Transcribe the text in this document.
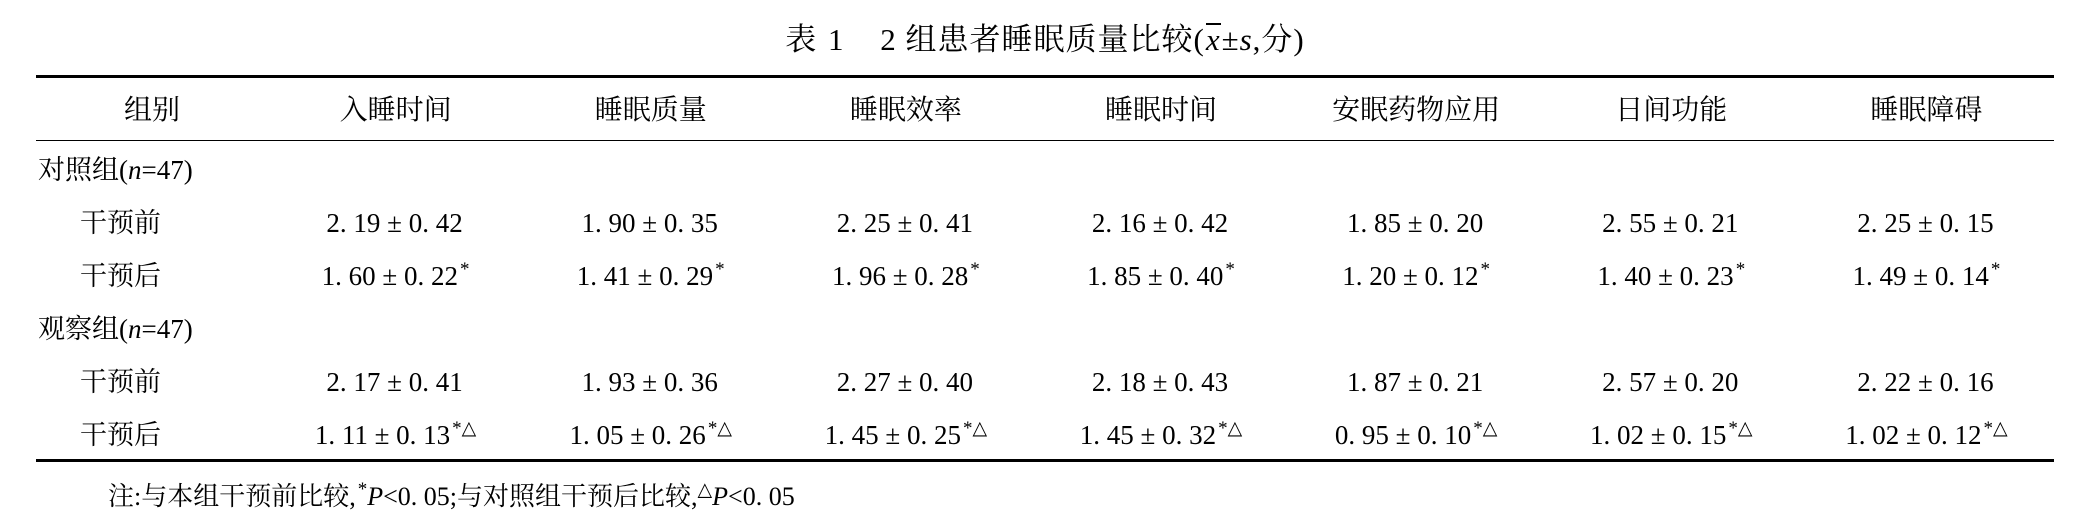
表 1 2 组患者睡眠质量比较(x±s,分)
组别	入睡时间	睡眠质量	睡眠效率	睡眠时间	安眠药物应用	日间功能	睡眠障碍
对照组(n=47)							
干预前	2. 19 ± 0. 42	1. 90 ± 0. 35	2. 25 ± 0. 41	2. 16 ± 0. 42	1. 85 ± 0. 20	2. 55 ± 0. 21	2. 25 ± 0. 15
干预后	1. 60 ± 0. 22 *	1. 41 ± 0. 29 *	1. 96 ± 0. 28 *	1. 85 ± 0. 40 *	1. 20 ± 0. 12 *	1. 40 ± 0. 23 *	1. 49 ± 0. 14 *
观察组(n=47)							
干预前	2. 17 ± 0. 41	1. 93 ± 0. 36	2. 27 ± 0. 40	2. 18 ± 0. 43	1. 87 ± 0. 21	2. 57 ± 0. 20	2. 22 ± 0. 16
干预后	1. 11 ± 0. 13 *△	1. 05 ± 0. 26 *△	1. 45 ± 0. 25 *△	1. 45 ± 0. 32 *△	0. 95 ± 0. 10 *△	1. 02 ± 0. 15 *△	1. 02 ± 0. 12 *△
注:与本组干预前比较, *P<0. 05;与对照组干预后比较,△P<0. 05
